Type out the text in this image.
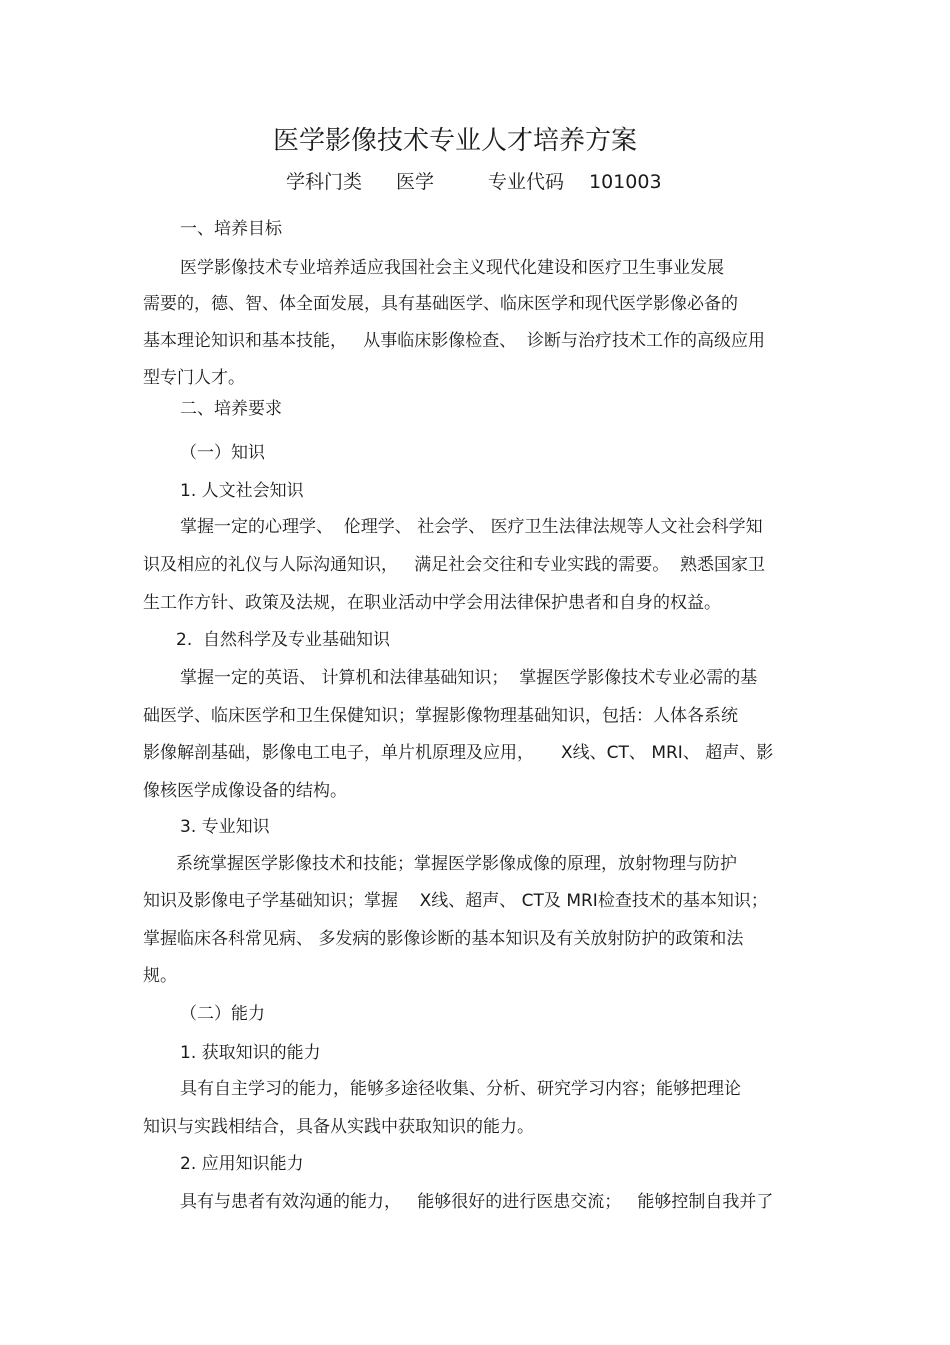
医学影像技术专业人才培养方案
学科门类 医学	专业代码 101003
一、培养目标
医学影像技术专业培养适应我国社会主义现代化建设和医疗卫生事业发展
需要的，德、智、体全面发展，具有基础医学、临床医学和现代医学影像必备的
基本理论知识和基本技能，   从事临床影像检查、  诊断与治疗技术工作的高级应用
型专门人才。
二、培养要求
（一）知识
1. 人文社会知识
掌握一定的心理学、  伦理学、 社会学、 医疗卫生法律法规等人文社会科学知
识及相应的礼仪与人际沟通知识，   满足社会交往和专业实践的需要。  熟悉国家卫
生工作方针、政策及法规，在职业活动中学会用法律保护患者和自身的权益。
2.  自然科学及专业基础知识
掌握一定的英语、 计算机和法律基础知识；  掌握医学影像技术专业必需的基
础医学、临床医学和卫生保健知识；掌握影像物理基础知识，包括：人体各系统
影像解剖基础，影像电工电子，单片机原理及应用，     X线、CT、 MRI、 超声、影
像核医学成像设备的结构。
3. 专业知识
系统掌握医学影像技术和技能；掌握医学影像成像的原理，放射物理与防护
知识及影像电子学基础知识；掌握    X线、超声、 CT及 MRI检查技术的基本知识；
掌握临床各科常见病、 多发病的影像诊断的基本知识及有关放射防护的政策和法
规。
（二）能力
1. 获取知识的能力
具有自主学习的能力，能够多途径收集、分析、研究学习内容；能够把理论
知识与实践相结合，具备从实践中获取知识的能力。
2. 应用知识能力
具有与患者有效沟通的能力，   能够很好的进行医患交流；   能够控制自我并了
